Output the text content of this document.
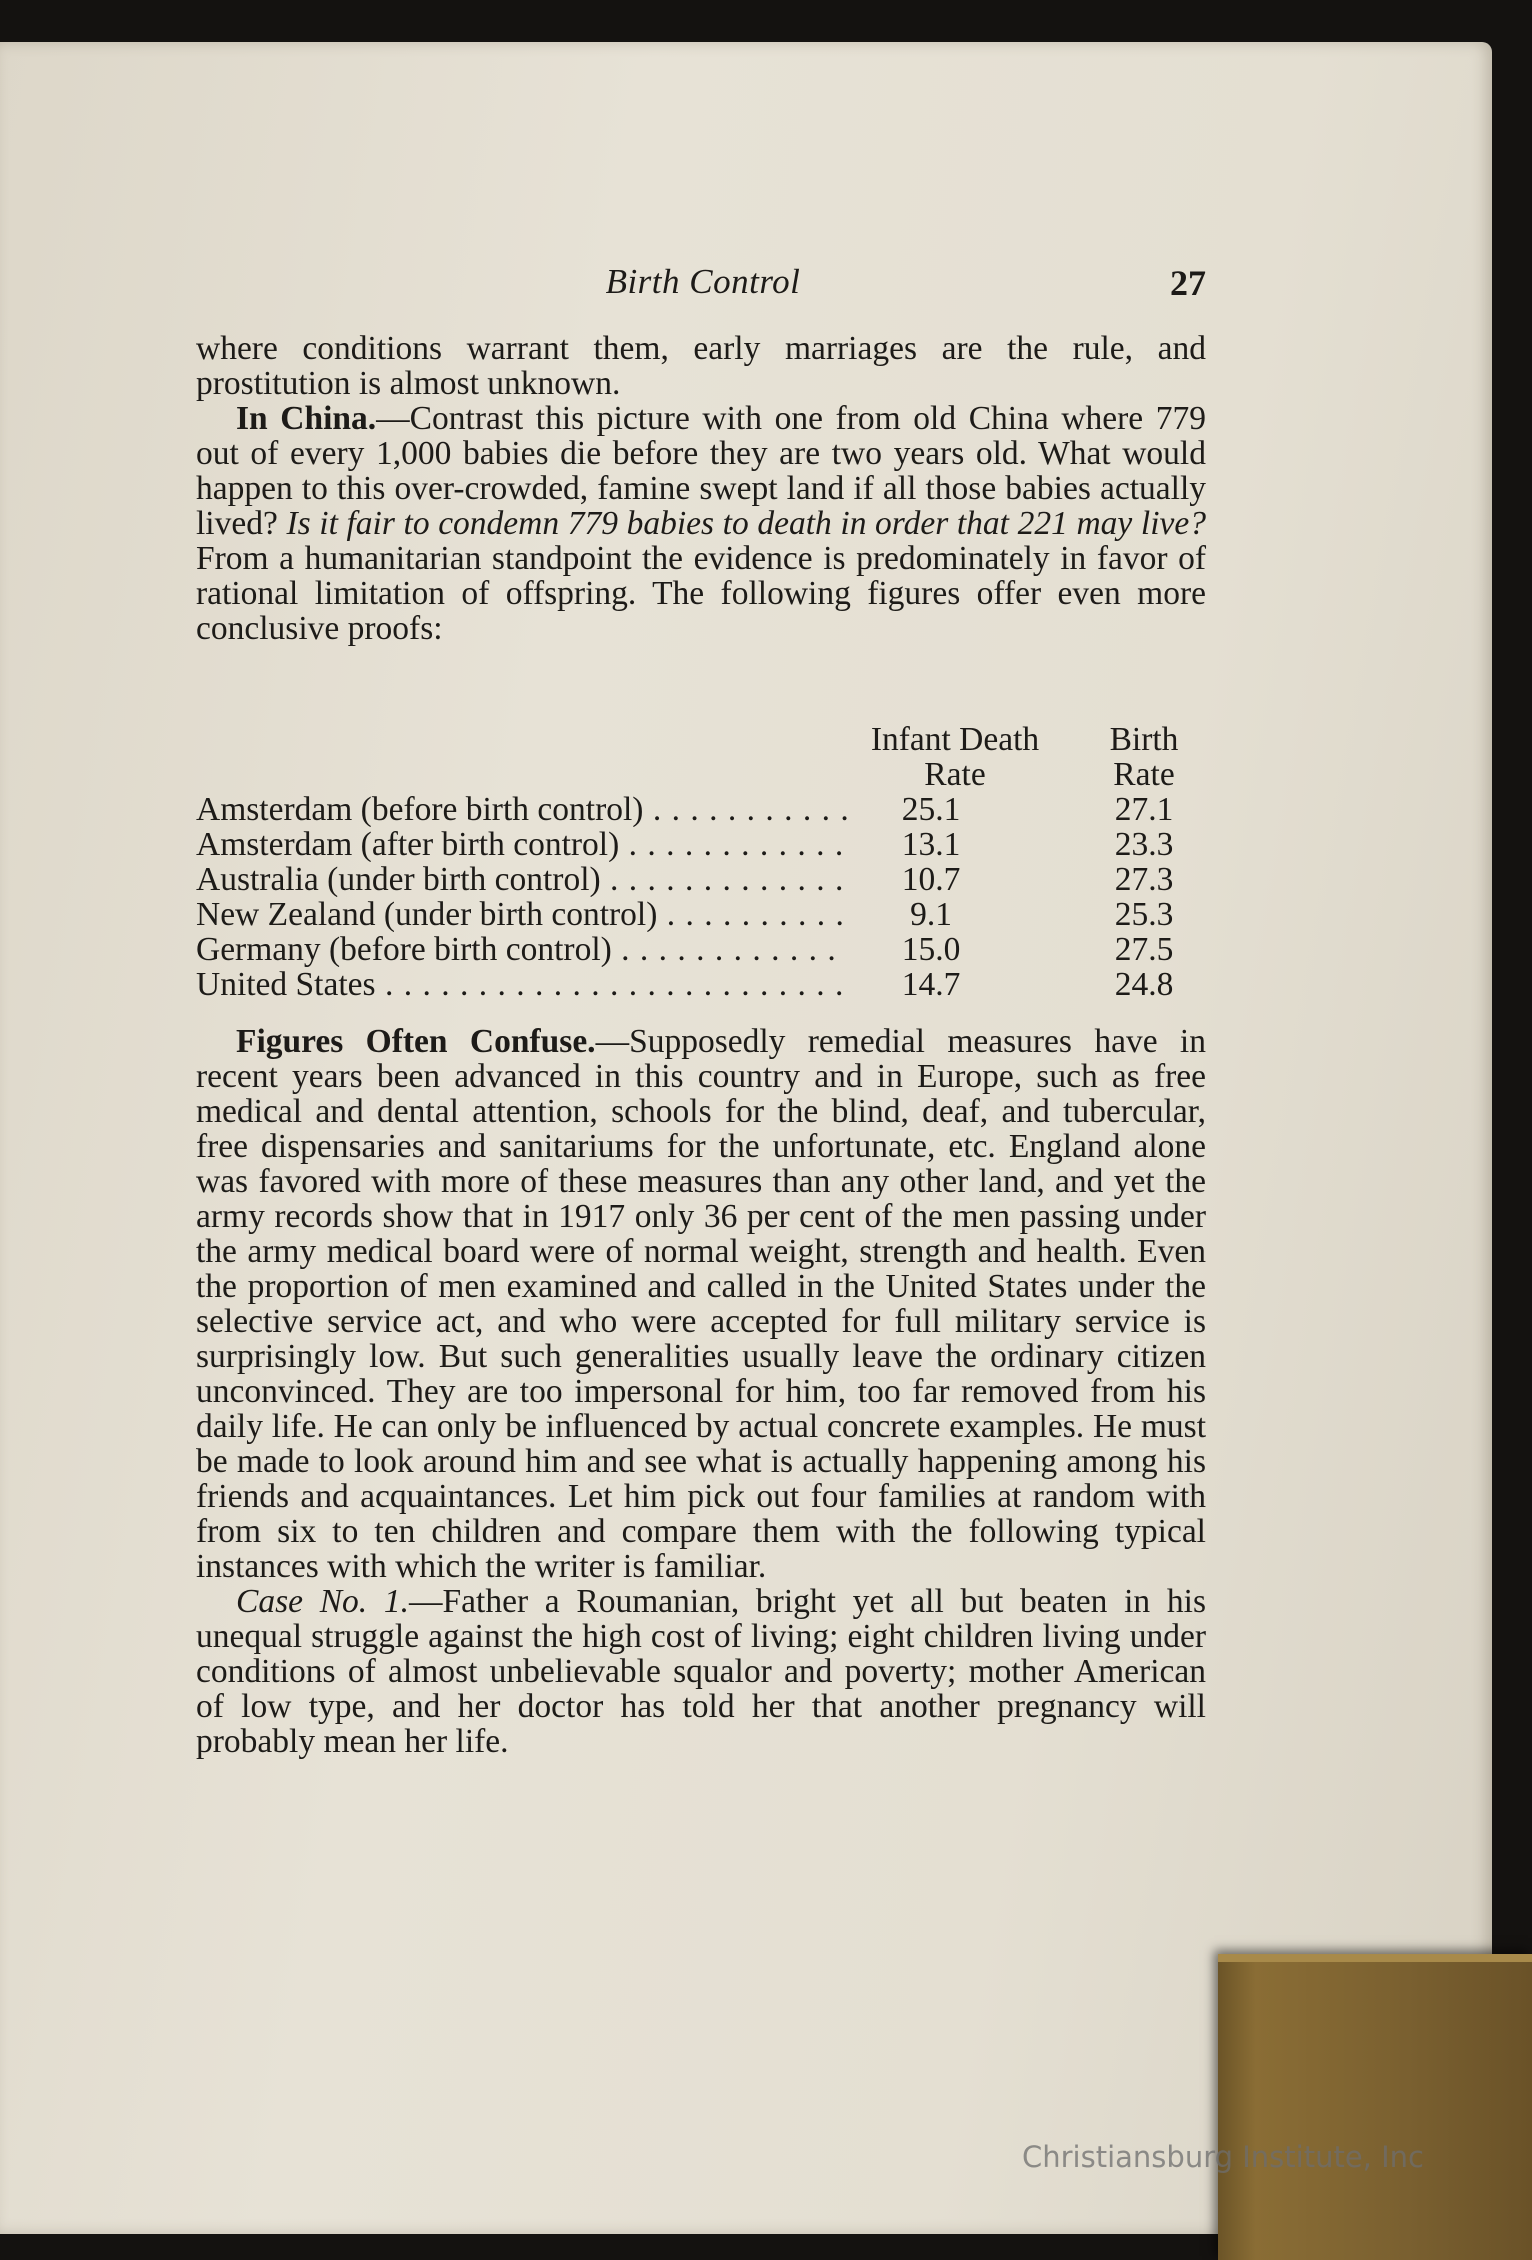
Birth Control	27

where conditions warrant them, early marriages are the rule, and prostitution is almost unknown.

In China.—Contrast this picture with one from old China where 779 out of every 1,000 babies die before they are two years old. What would happen to this over-crowded, famine swept land if all those babies actually lived? Is it fair to condemn 779 babies to death in order that 221 may live? From a humanitarian standpoint the evidence is predominately in favor of rational limitation of offspring. The following figures offer even more conclusive proofs:

Infant Death
Rate
Birth
Rate
Amsterdam (before birth control) . . .	25.1	27.1
Amsterdam (after birth control) . . .	13.1	23.3
Australia (under birth control) . . .	10.7	27.3
New Zealand (under birth control) . . .	9.1	25.3
Germany (before birth control) . . .	15.0	27.5
United States . . .	14.7	24.8

Figures Often Confuse.—Supposedly remedial measures have in recent years been advanced in this country and in Europe, such as free medical and dental attention, schools for the blind, deaf, and tubercular, free dispensaries and sanitariums for the unfortunate, etc. England alone was favored with more of these measures than any other land, and yet the army records show that in 1917 only 36 per cent of the men passing under the army medical board were of normal weight, strength and health. Even the proportion of men examined and called in the United States under the selective service act, and who were accepted for full military service is surprisingly low. But such generalities usually leave the ordinary citizen unconvinced. They are too impersonal for him, too far removed from his daily life. He can only be influenced by actual concrete examples. He must be made to look around him and see what is actually happening among his friends and acquaintances. Let him pick out four families at random with from six to ten children and compare them with the following typical instances with which the writer is familiar.

Case No. 1.—Father a Roumanian, bright yet all but beaten in his unequal struggle against the high cost of living; eight children living under conditions of almost unbelievable squalor and poverty; mother American of low type, and her doctor has told her that another pregnancy will probably mean her life.

Christiansburg Institute, Inc
